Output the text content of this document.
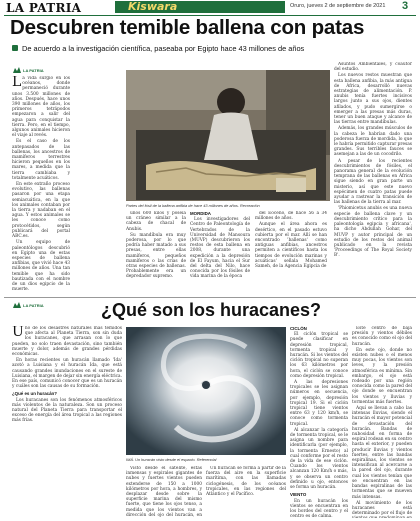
LA PATRIA	Kiswara	Oruro, jueves 2 de septiembre de 2021 3
Descubren temible ballena con patas
De acuerdo a la investigación científica, paseaba por Egipto hace 43 millones de años
LA PATRIA

La vida surgió en los océanos, donde permaneció durante unos 3.500 millones de años. Después, hace unos 390 millones de años, los primeros tetrápodos empezaron a salir del agua para conquistar la tierra. Pero, en el tiempo, algunos animales hicieron el viaje al revés.

Es el caso de los antepasados de las ballenas, los ancestros de mamíferos terrestres hicieron pequeños en los mares, a medida que la tierra cambiaba y totalmente acuáticos.

En este extraño proceso evolutivo, las ballenas pasaron por una etapa semiacuática, en la que los animales contaban por la tierra y nadaban en el agua. Y estos animales se les conoce como protocétidos, según publicará del portal ABC.es.

Un equipo de paleontólogos descubrió en Egipto una de estas especies de ballena anfibias, que vivió hace 43 millones de años. Una tan temible que ha sido bautizada con el nombre de un dios egipcio de la muerte.

Partes del fósil de la ballena anfibia de hace 43 millones de años. Recreación

unos 600 kilos y poseía un cráneo similar a la cabeza de chacal de Anubis.

Su mandíbula era muy poderosa, por lo que podría haber matado a sus presas, entre ellas mamíferos, pequeños mamíferos o las crías de otras especies de ballenas. Probablemente era un depredador supremo.

MORDIDA

Los investigadores del Centro de Paleontología de Vertebrados de la Universidad de Mansoura (MUVP) descubrieron los restos de esta ballena en 2008, durante una expedición a la depresión de El Fayum, hacia el Sur del delta del Nilo, hace conocida por los fósiles de vida marina de la época

del Eoceno, de hace 56 a 34 millones de años.

Aunque el área ahora es desértico, en el pasado estuvo cubierta por el mar. Allí se han encontrado 'ballenas' como antiguas anfibias, ancestros permiten a científicos hasta los tiempos de evolución marinas y acuáticas' señala Mohamed Sameh, de la Agencia Egipcia de

Asuntos Ambientales, y coautor del estudio.

Los nuevos restos muestran que esta ballena anfibia, la más antigua de África, desarrolló nuevas estrategias de alimentación. P. anubis tenía fuertes incisivos largos junto a sus ojos, dientes afilados, y pudo sumergirse o emerger a las presas más duras, tener un buen ataque y alcance de las tierras entre mandíbulas.

Además, los grandes músculos de la cabeza le habrían dado una poderosa fuerza de mordida, lo que le habría permitido capturar presas grandes. Sus terribles fauces se asemejan a las de un cocodrilo.

A pesar de los recientes descubrimientos de fósiles, el panorama general de la evolución temprana de las ballenas en África sigue siendo en gran parte un misterio, así que este nuevo espécimen de cuatro patas puede ayudar a rastrear la transición de las ballenas de la tierra al mar.

'Phiomicetus anubis es una nueva especie de ballena clave y un descubrimiento crítico para la paleontología egipcia y africana', ha dicho Abdullah Gohar, del MUVP y autor principal de un estudio de los restos del animal publicado en la revista 'Proceedings of The Royal Society B'.

¿Qué son los huracanes?
LA PATRIA

Uno de los desastres naturales más temidos que afecta al Planeta Tierra, son sin duda los huracanes, que arrasan con lo que pueden, no solo traen devastación, sino también muerte y dolor, además de grandes pérdidas económicas.

En horas recientes un huracán llamado 'Ida' azotó a Luisiana y el huracán Ida, que está causando grandes inundaciones en el sureste de Luisiana, el margen de dejar sin energía eléctrica. En ese país, comunicó conocer que es un huracán y cuáles son las causas de su formación.

¿Qué es un huracán?

Los huracanes son los fenómenos atmosféricos más violentos de la naturaleza. Son un proceso natural del Planeta Tierra para transportar el exceso de energía del área tropical a las regiones más frías.

IMÁ. Un huracán visto desde el espacio. Referencial

Visto desde el satélite, estas inmensas y espirales gigantes de nubes y fuertes vientos pueden extenderse de 150 a 1000 kilómetros por hora, a hombres, y desplazar desde sobre la superficie marina del mismo fuerte, que tiene los ojos tenso, a medida que los vientos van a dirección del ojo del huracán, en

Un huracán se forma a partir de la fuerza del aire en la superficie marítima, con las llamadas ciclogénesis, de los océanos tropicales, en las regiones del Atlántico y el Pacífico.

CICLÓN

El ciclón tropical se puede clasificar en depresión tropical, tormenta tropical y huracán. Si los vientos del ciclón tropical no superan los 63 kilómetros por hora, el ciclón se conoce como depresión tropical.

A las depresiones tropicales se les asignan números en secuencia, por ejemplo, depresión tropical 19. Si el ciclón tropical tiene vientos entre 63 y 120 km/h, se conoce como tormenta tropical.

Al alcanzar la categoría de tormenta tropical, se le asigna un nombre para identificarla (por ejemplo, la tormenta Ernesto) al cual conforme por el resto de la vida de ese ciclón. Cuando los vientos alcanzan 120 Km/h o más, y se observa un centro definido u ojo, entonces se forma un huracán.

VIENTO

En un huracán los vientos se encuentran en los bordes del centro y el centro es de calma.

Este centro de baja presión y vientos débiles es conocido como el ojo del huracán.

En este ojo, donde no existen nubes o el menos muy pocas, los vientos son leves, y la presión atmosférica es mínima. Sin embargo, el ojo está rodeado por una región conocida como la pared del ojo donde se encuentran los vientos y lluvias y tormentas más fuertes.

Aquí se llevan a cabo las intensas lluvias, siendo el huracán el mayor potencial de devastación del huracán. Bandas de nubosidad en forma de espiral rodean en su centro hasta el exterior, y pueden producir lluvias y vientos fuertes, entre las bandas espiralinas, los vientos se intensifican al acercarse a la pared del ojo, durante cual los vientos tenían que se encuentran en las bandas espiralinas de las tormentas que se mueven más intensas.

Al movimiento de los huracanes está determinado por el flujo de
